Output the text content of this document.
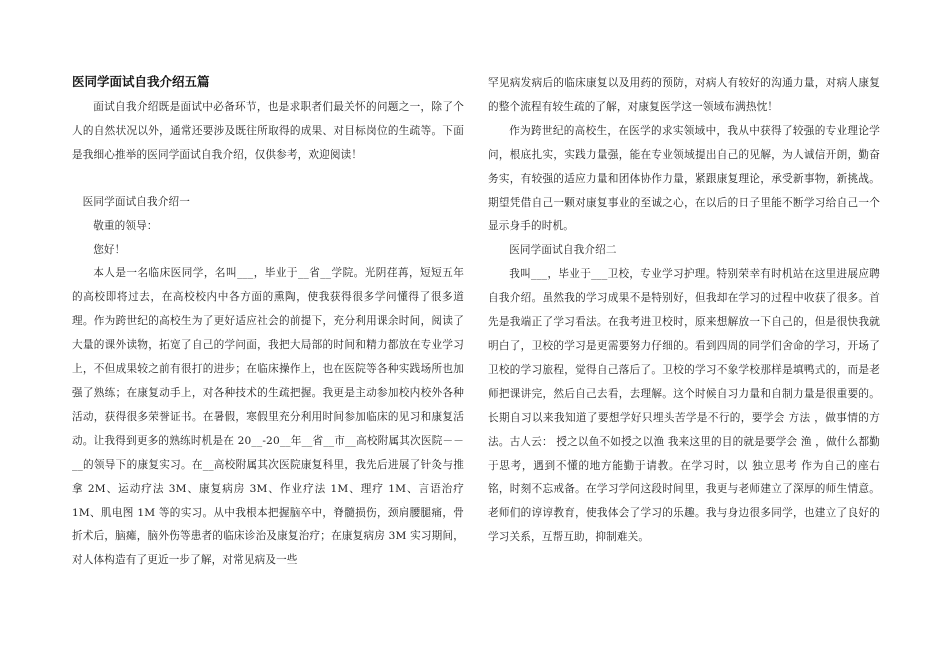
医同学面试自我介绍五篇

面试自我介绍既是面试中必备环节，也是求职者们最关怀的问题之一，除了个人的自然状况以外，通常还要涉及既往所取得的成果、对目标岗位的生疏等。下面是我细心推举的医同学面试自我介绍，仅供参考，欢迎阅读！

医同学面试自我介绍一

敬重的领导：

您好！

本人是一名临床医同学，名叫___，毕业于__省__学院。光阴荏苒，短短五年的高校即将过去，在高校校内中各方面的熏陶，使我获得很多学问懂得了很多道理。作为跨世纪的高校生为了更好适应社会的前提下，充分利用课余时间，阅读了大量的课外读物，拓宽了自己的学问面，我把大局部的时间和精力都放在专业学习上，不但成果较之前有很打的进步；在临床操作上，也在医院等各种实践场所也加强了熟练；在康复动手上，对各种技术的生疏把握。我更是主动参加校内校外各种活动，获得很多荣誉证书。在暑假，寒假里充分利用时间参加临床的见习和康复活动。让我得到更多的熟练时机是在 20__-20__年__省__市__高校附属其次医院－－__的领导下的康复实习。在__高校附属其次医院康复科里，我先后进展了针灸与推拿 2M、运动疗法 3M、康复病房 3M、作业疗法 1M、理疗 1M、言语治疗 1M、肌电图 1M 等的实习。从中我根本把握脑卒中，脊髓损伤，颈肩腰腿痛，骨折术后，脑瘫，脑外伤等患者的临床诊治及康复治疗；在康复病房 3M 实习期间，对人体构造有了更近一步了解，对常见病及一些

罕见病发病后的临床康复以及用药的预防，对病人有较好的沟通力量，对病人康复的整个流程有较生疏的了解，对康复医学这一领域布满热忱！

作为跨世纪的高校生，在医学的求实领域中，我从中获得了较强的专业理论学问，根底扎实，实践力量强，能在专业领域提出自己的见解，为人诚信开朗，勤奋务实，有较强的适应力量和团体协作力量，紧跟康复理论，承受新事物，新挑战。期望凭借自己一颗对康复事业的至诚之心，在以后的日子里能不断学习给自己一个显示身手的时机。

医同学面试自我介绍二

我叫___，毕业于___卫校，专业学习护理。特别荣幸有时机站在这里进展应聘自我介绍。虽然我的学习成果不是特别好，但我却在学习的过程中收获了很多。首先是我端正了学习看法。在我考进卫校时，原来想解放一下自己的，但是很快我就明白了，卫校的学习是更需要努力仔细的。看到四周的同学们舍命的学习，开场了卫校的学习旅程，觉得自己落后了。卫校的学习不象学校那样是填鸭式的，而是老师把课讲完，然后自己去看，去理解。这个时候自习力量和自制力量是很重要的。长期自习以来我知道了要想学好只埋头苦学是不行的，要学会 方法 ，做事情的方法。古人云： 授之以鱼不如授之以渔 我来这里的目的就是要学会 渔 ，做什么都勤于思考，遇到不懂的地方能勤于请教。在学习时，以 独立思考 作为自己的座右铭，时刻不忘戒备。在学习学问这段时间里，我更与老师建立了深厚的师生情意。老师们的谆谆教育，使我体会了学习的乐趣。我与身边很多同学，也建立了良好的学习关系，互帮互助，抑制难关。
